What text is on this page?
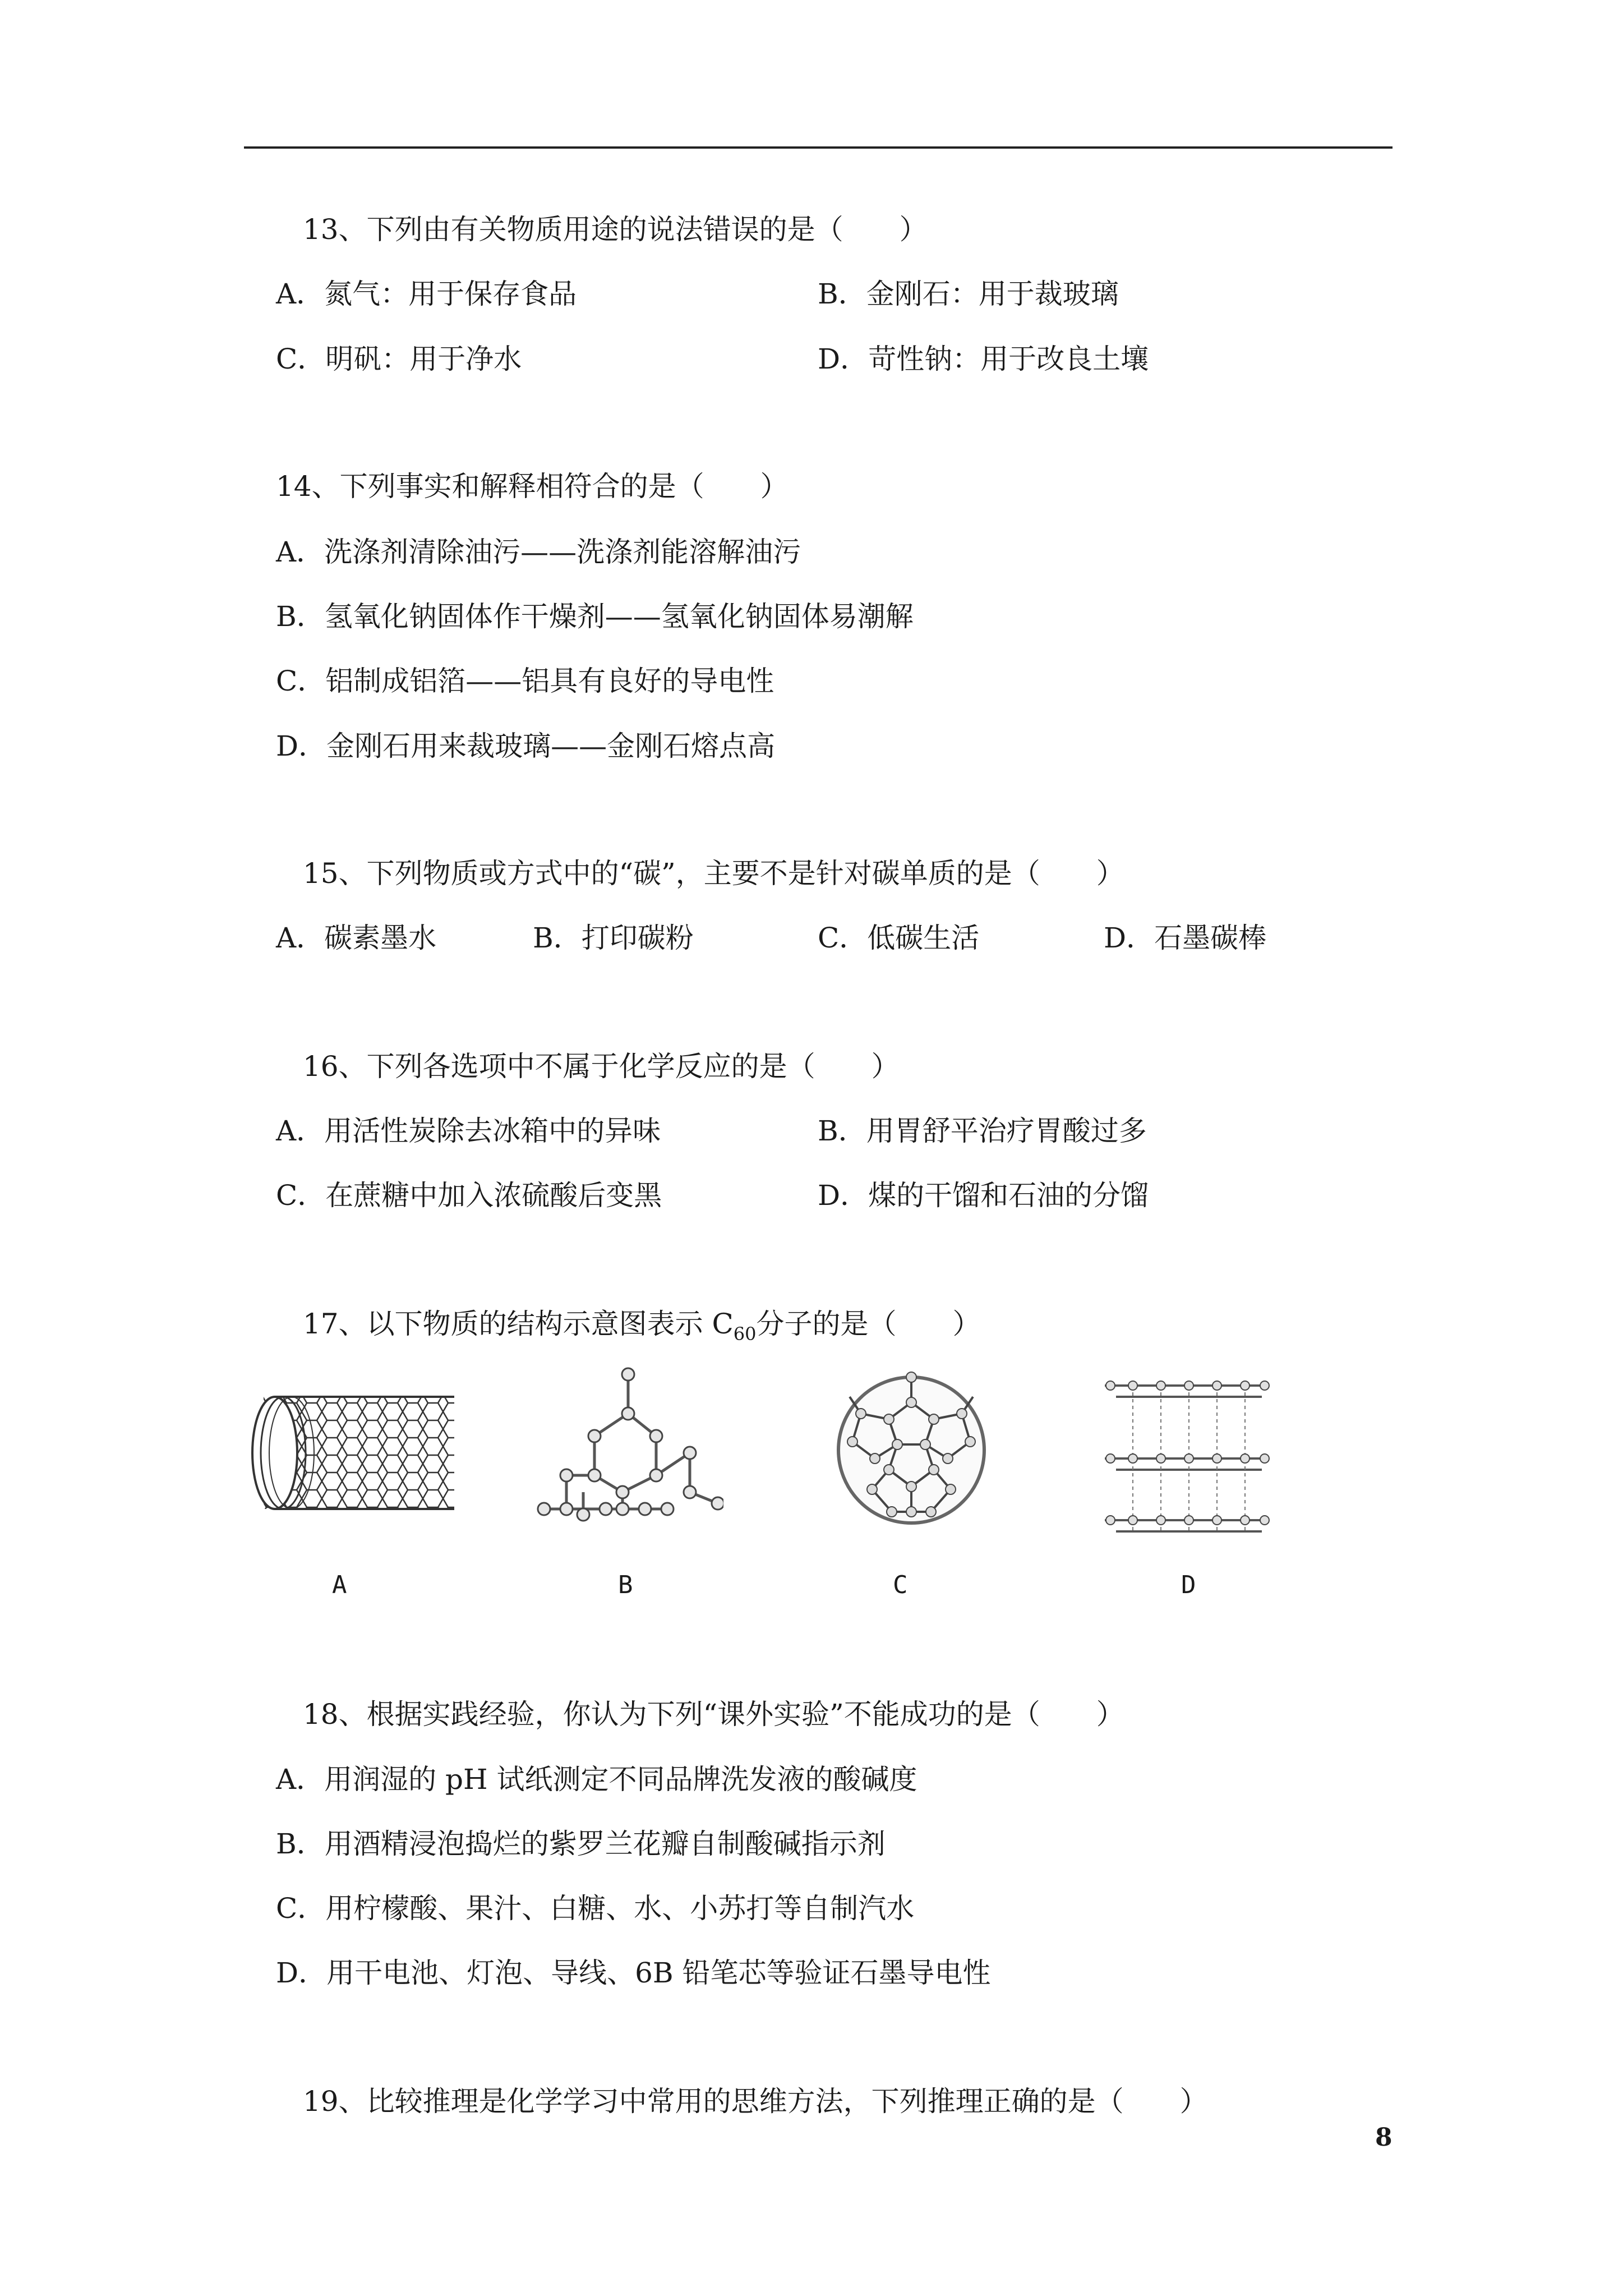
13、下列由有关物质用途的说法错误的是（　　）
A．氮气：用于保存食品	B．金刚石：用于裁玻璃
C．明矾：用于净水	D．苛性钠：用于改良土壤
14、下列事实和解释相符合的是（　　）
A．洗涤剂清除油污——洗涤剂能溶解油污
B．氢氧化钠固体作干燥剂——氢氧化钠固体易潮解
C．铝制成铝箔——铝具有良好的导电性
D．金刚石用来裁玻璃——金刚石熔点高
15、下列物质或方式中的“碳”，主要不是针对碳单质的是（　　）
A．碳素墨水	B．打印碳粉	C．低碳生活	D．石墨碳棒
16、下列各选项中不属于化学反应的是（　　）
A．用活性炭除去冰箱中的异味	B．用胃舒平治疗胃酸过多
C．在蔗糖中加入浓硫酸后变黑	D．煤的干馏和石油的分馏
17、以下物质的结构示意图表示 $C_{60}$分子的是（　　）
A	B	C	D
18、根据实践经验，你认为下列“课外实验”不能成功的是（　　）
A．用润湿的 pH 试纸测定不同品牌洗发液的酸碱度
B．用酒精浸泡捣烂的紫罗兰花瓣自制酸碱指示剂
C．用柠檬酸、果汁、白糖、水、小苏打等自制汽水
D．用干电池、灯泡、导线、6B 铅笔芯等验证石墨导电性
19、比较推理是化学学习中常用的思维方法，下列推理正确的是（　　）
8
